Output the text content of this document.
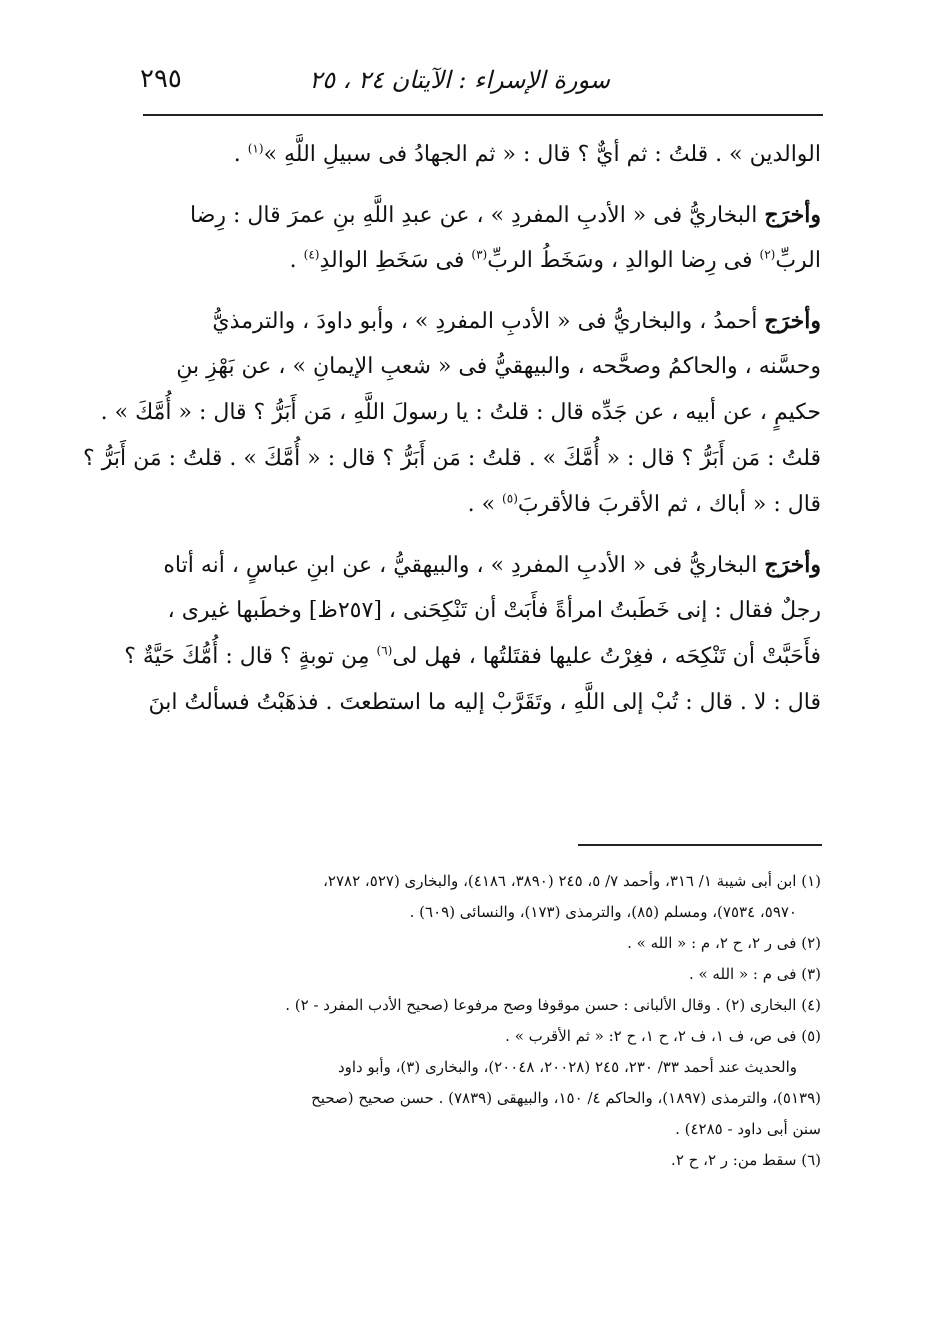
٢٩٥	سورة الإسراء : الآيتان ٢٤ ، ٢٥
الوالدين » . قلتُ : ثم أيٌّ ؟ قال : « ثم الجهادُ فى سبيلِ اللَّهِ »$^{(١)}$ .
وأخرَج البخاريُّ فى « الأدبِ المفردِ » ، عن عبدِ اللَّهِ بنِ عمرَ قال : رِضا
الربِّ$^{(٢)}$ فى رِضا الوالدِ ، وسَخَطُ الربِّ$^{(٣)}$ فى سَخَطِ الوالدِ$^{(٤)}$ .
وأخرَج أحمدُ ، والبخاريُّ فى « الأدبِ المفردِ » ، وأبو داودَ ، والترمذيُّ
وحسَّنه ، والحاكمُ وصحَّحه ، والبيهقيُّ فى « شعبِ الإيمانِ » ، عن بَهْزِ بنِ
حكيمٍ ، عن أبيه ، عن جَدِّه قال : قلتُ : يا رسولَ اللَّهِ ، مَن أَبَرُّ ؟ قال : « أُمَّكَ » .
قلتُ : مَن أَبَرُّ ؟ قال : « أُمَّكَ » . قلتُ : مَن أَبَرُّ ؟ قال : « أُمَّكَ » . قلتُ : مَن أَبَرُّ ؟
قال : « أباك ، ثم الأقربَ فالأقربَ$^{(٥)}$ » .
وأخرَج البخاريُّ فى « الأدبِ المفردِ » ، والبيهقيُّ ، عن ابنِ عباسٍ ، أنه أتاه
رجلٌ فقال : إنى خَطَبتُ امرأةً فأَبَتْ أن تَنْكِحَنى ، [٢٥٧ظ] وخطَبها غيرى ،
فأَحَبَّتْ أن تَنْكِحَه ، فغِرْتُ عليها فقتَلتُها ، فهل لى$^{(٦)}$ مِن توبةٍ ؟ قال : أُمُّكَ حَيَّةٌ ؟
قال : لا . قال : تُبْ إلى اللَّهِ ، وتَقَرَّبْ إليه ما استطعتَ . فذهَبْتُ فسألتُ ابنَ
(١) ابن أبى شيبة ١/ ٣١٦، وأحمد ٧/ ٥، ٢٤٥ (٣٨٩٠، ٤١٨٦)، والبخارى (٥٢٧، ٢٧٨٢،
٥٩٧٠، ٧٥٣٤)، ومسلم (٨٥)، والترمذى (١٧٣)، والنسائى (٦٠٩) .
(٢) فى ر ٢، ح ٢، م : « الله » .
(٣) فى م : « الله » .
(٤) البخارى (٢) . وقال الألبانى : حسن موقوفا وصح مرفوعا (صحيح الأدب المفرد - ٢) .
(٥) فى ص، ف ١، ف ٢، ح ١، ح ٢: « ثم الأقرب » .
والحديث عند أحمد ٣٣/ ٢٣٠، ٢٤٥ (٢٠٠٢٨، ٢٠٠٤٨)، والبخارى (٣)، وأبو داود
(٥١٣٩)، والترمذى (١٨٩٧)، والحاكم ٤/ ١٥٠، والبيهقى (٧٨٣٩) . حسن صحيح (صحيح
سنن أبى داود - ٤٢٨٥) .
(٦) سقط من: ر ٢، ح ٢.
